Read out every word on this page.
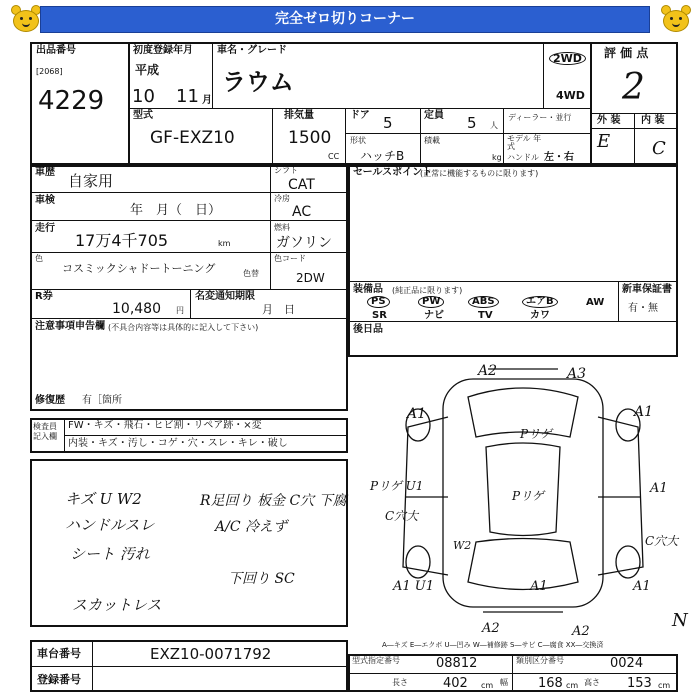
完全ゼロ切りコーナー
出品番号
[2068]
4229
初度登録年月
平成
10 11 月
車名・グレード
ラウム
2WD
4WD
評 価 点
2
外 装 内 装
E C
型式
GF-EXZ10
排気量
1500
CC
ドア 5	定員 5 人
ディーラー・並行
形状
ハッチB
積載
kg
モデル 年式
ハンドル 左・右
車歴 自家用
シフト
CAT
車検
年　月（　日）
冷房
AC
走行
17万4千705	km
燃料
ガソリン
色
コスミックシャドートーニング	色替
色コード
2DW
R券
10,480 円
名変通知期限
月　日
注意事項申告欄 (不具合内容等は具体的に記入して下さい)
修復歴 有［箇所
セールスポイント
(正常に機能するものに限ります)
装備品 (純正品に限ります)	新車保証書
有・無
PS	PW	ABS	エアB	AW
SR	ナビ	TV	カワ
後日品
検査員 記入欄
FW・キズ・飛石・ヒビ割・リペア跡・×変
内装・キズ・汚し・コゲ・穴・スレ・キレ・破し
キズ U W2
ハンドルスレ
シート 汚れ
スカットレス
R足回り 板金 C穴 下腐
A/C 冷えず
下回り SC
A2	A3
A1	A1
Pリゲ
Pリゲ U1
Pリゲ
C穴大
A1
W2	C穴大
A1 U1	A1	A1
A2	A2
N
A―キズ E―エクボ U―凹み W―補修跡 S―サビ C―腐食 XX―交換済
車台番号	EXZ10-0071792
登録番号
型式指定番号	08812	類別区分番号	0024
長さ	402 cm 幅 168 cm 高さ 153 cm
